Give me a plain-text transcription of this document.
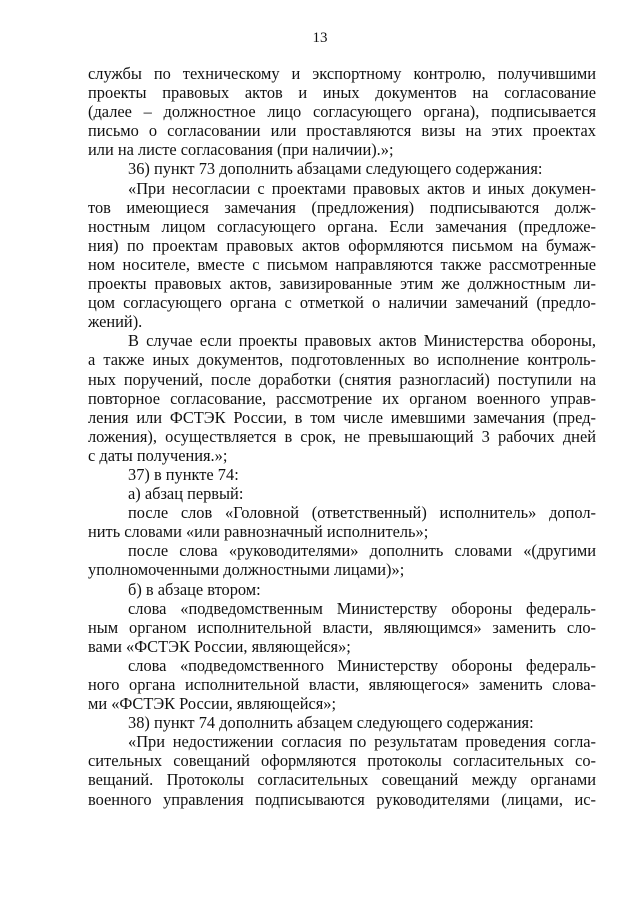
13
службы по техническому и экспортному контролю, получившими
проекты правовых актов и иных документов на согласование
(далее – должностное лицо согласующего органа), подписывается
письмо о согласовании или проставляются визы на этих проектах
или на листе согласования (при наличии).»;
36) пункт 73 дополнить абзацами следующего содержания:
«При несогласии с проектами правовых актов и иных докумен-
тов имеющиеся замечания (предложения) подписываются долж-
ностным лицом согласующего органа. Если замечания (предложе-
ния) по проектам правовых актов оформляются письмом на бумаж-
ном носителе, вместе с письмом направляются также рассмотренные
проекты правовых актов, завизированные этим же должностным ли-
цом согласующего органа с отметкой о наличии замечаний (предло-
жений).
В случае если проекты правовых актов Министерства обороны,
а также иных документов, подготовленных во исполнение контроль-
ных поручений, после доработки (снятия разногласий) поступили на
повторное согласование, рассмотрение их органом военного управ-
ления или ФСТЭК России, в том числе имевшими замечания (пред-
ложения), осуществляется в срок, не превышающий 3 рабочих дней
с даты получения.»;
37) в пункте 74:
а) абзац первый:
после слов «Головной (ответственный) исполнитель» допол-
нить словами «или равнозначный исполнитель»;
после слова «руководителями» дополнить словами «(другими
уполномоченными должностными лицами)»;
б) в абзаце втором:
слова «подведомственным Министерству обороны федераль-
ным органом исполнительной власти, являющимся» заменить сло-
вами «ФСТЭК России, являющейся»;
слова «подведомственного Министерству обороны федераль-
ного органа исполнительной власти, являющегося» заменить слова-
ми «ФСТЭК России, являющейся»;
38) пункт 74 дополнить абзацем следующего содержания:
«При недостижении согласия по результатам проведения согла-
сительных совещаний оформляются протоколы согласительных со-
вещаний. Протоколы согласительных совещаний между органами
военного управления подписываются руководителями (лицами, ис-
